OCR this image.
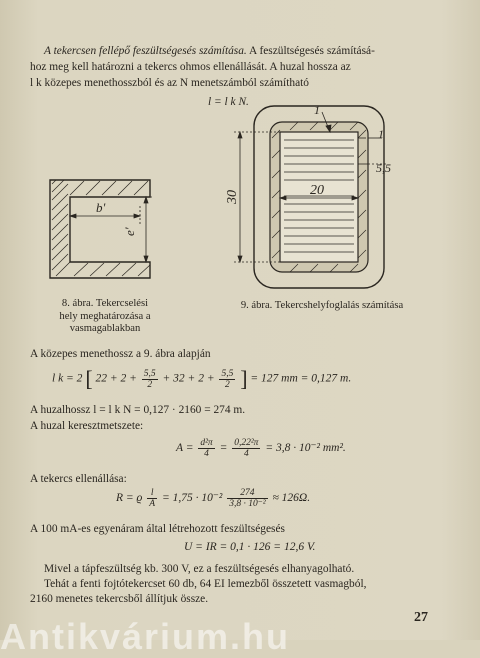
A tekercsen fellépő feszültségesés számítása. A feszültségesés számításá-
hoz meg kell határozni a tekercs ohmos ellenállását. A huzal hossza az
l k közepes menethosszból és az N menetszámból számítható
l = l k N.
b'
e'
8. ábra. Tekercselési
hely meghatározása a
vasmagablakban
30	20
1
1
5,5
9. ábra. Tekercshelyfoglalás számítása
A közepes menethossz a 9. ábra alapján
l k = 2 [ $22 + 2 + \frac{5,5}{2} + 32 + 2 + \frac{5,5}{2}$ ] = 127 mm = 0,127 m.
A huzalhossz l = l k N = 0,127 · 2160 = 274 m.
A huzal keresztmetszete:
$A = \frac{\text{d²π}}{4} = \frac{\text{0,22²π}}{4} = 3,8 \cdot 10^{-2}$ mm².
A tekercs ellenállása:
R = ϱ $\frac{l}{A} = 1,75 \cdot 10^{-2} \frac{274}{\text{3,8 · 10⁻²}} \approx 126\Omega$.
A 100 mA-es egyenáram által létrehozott feszültségesés
U = IR = 0,1 · 126 = 12,6 V.
Mivel a tápfeszültség kb. 300 V, ez a feszültségesés elhanyagolható.
Tehát a fenti fojtótekercset 60 db, 64 EI lemezből összetett vasmagból,
2160 menetes tekercsből állítjuk össze.
27
Antikvárium.hu
